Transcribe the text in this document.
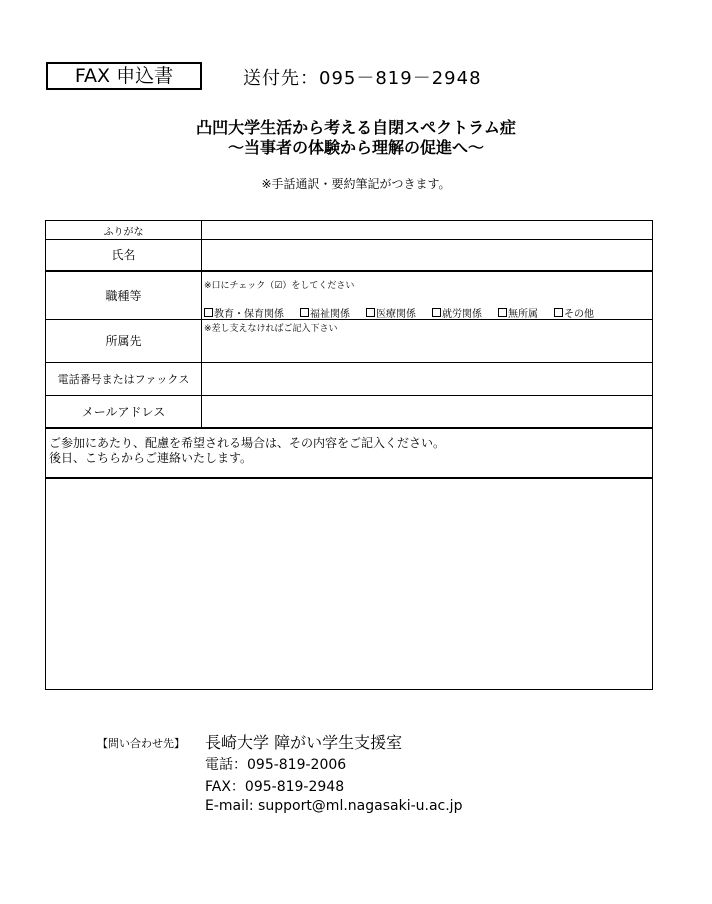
FAX 申込書	送付先：095－819－2948
凸凹大学生活から考える自閉スペクトラム症
～当事者の体験から理解の促進へ～
※手話通訳・要約筆記がつきます。
ふりがな
氏名
職種等
※口にチェック（☑）をしてください
教育・保育関係	福祉関係	医療関係	就労関係	無所属	その他
所属先
※差し支えなければご記入下さい
電話番号またはファックス
メールアドレス
ご参加にあたり、配慮を希望される場合は、その内容をご記入ください。
後日、こちらからご連絡いたします。
【問い合わせ先】 長崎大学 障がい学生支援室
電話：095-819-2006
FAX：095-819-2948
E-mail: support@ml.nagasaki-u.ac.jp
